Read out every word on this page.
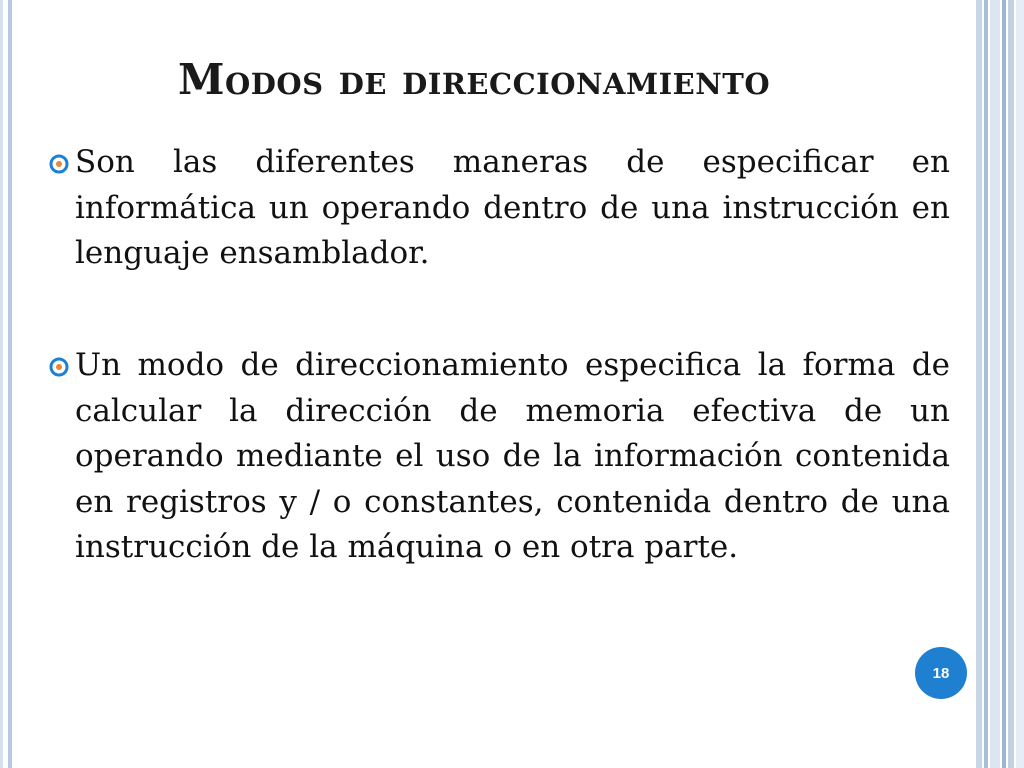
Modos de direccionamiento
Son las diferentes maneras de especificar en informática un operando dentro de una instrucción en lenguaje ensamblador.
Un modo de direccionamiento especifica la forma de calcular la dirección de memoria efectiva de un operando mediante el uso de la información contenida en registros y / o constantes, contenida dentro de una instrucción de la máquina o en otra parte.
18
